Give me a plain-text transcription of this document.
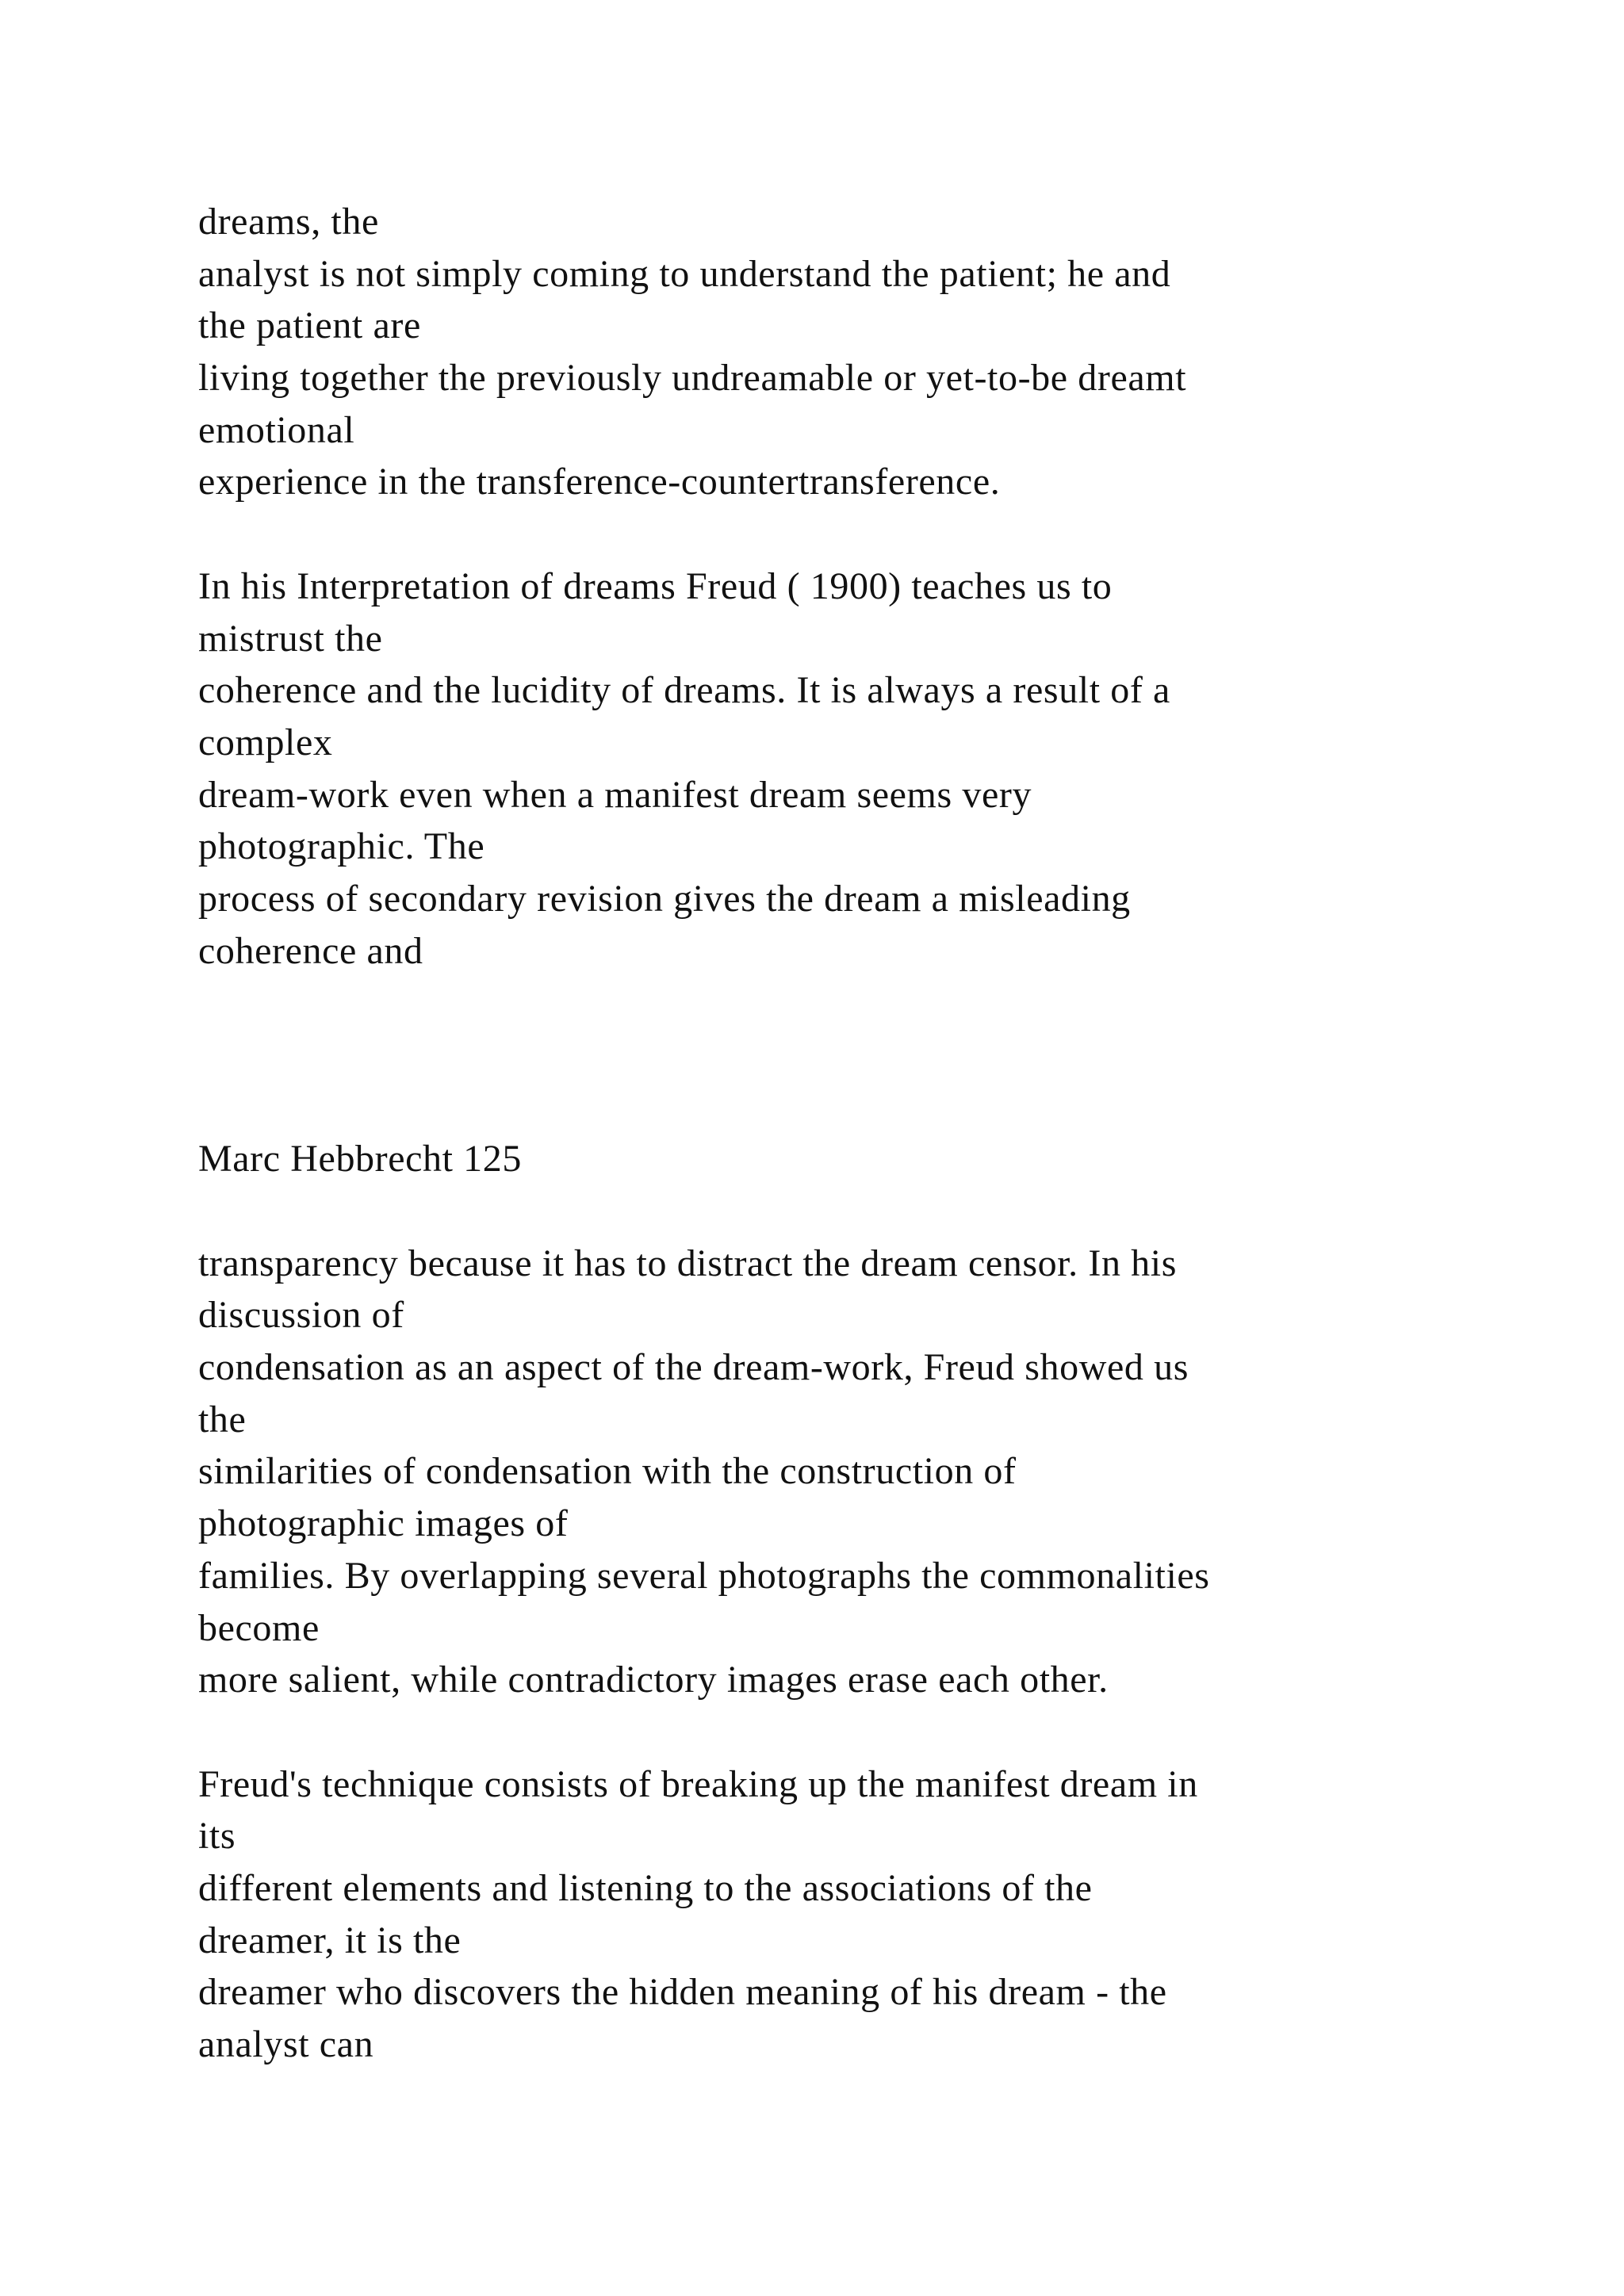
dreams, the
analyst is not simply coming to understand the patient; he and
the patient are
living together the previously undreamable or yet-to-be dreamt
emotional
experience in the transference-countertransference.
In his Interpretation of dreams Freud ( 1900) teaches us to
mistrust the
coherence and the lucidity of dreams. It is always a result of a
complex
dream-work even when a manifest dream seems very
photographic. The
process of secondary revision gives the dream a misleading
coherence and
Marc Hebbrecht 125
transparency because it has to distract the dream censor. In his
discussion of
condensation as an aspect of the dream-work, Freud showed us
the
similarities of condensation with the construction of
photographic images of
families. By overlapping several photographs the commonalities
become
more salient, while contradictory images erase each other.
Freud's technique consists of breaking up the manifest dream in
its
different elements and listening to the associations of the
dreamer, it is the
dreamer who discovers the hidden meaning of his dream - the
analyst can
